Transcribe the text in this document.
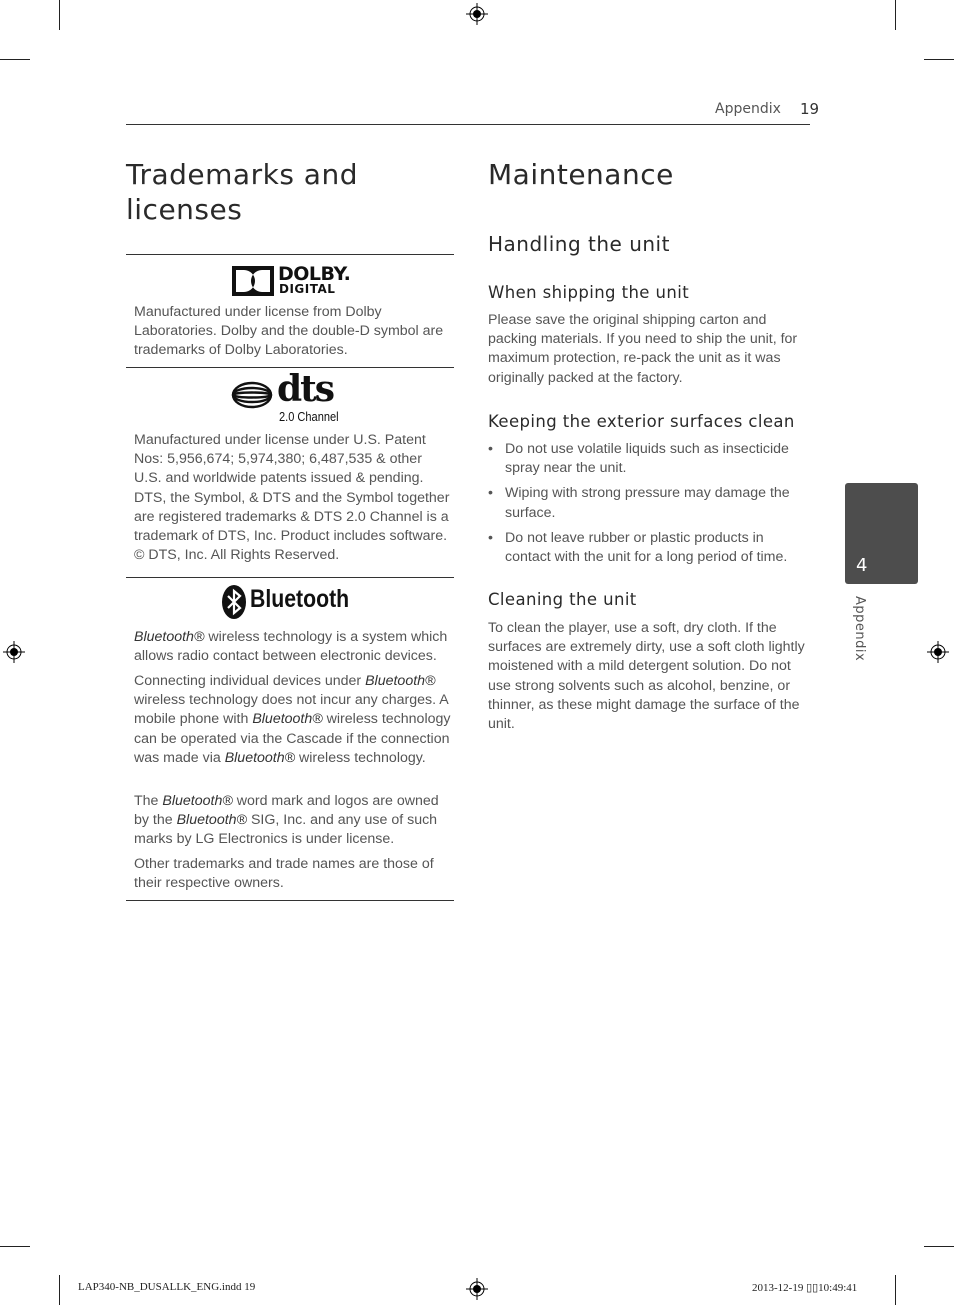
Appendix 19
Trademarks and licenses
DOLBY.
DIGITAL

Manufactured under license from Dolby Laboratories. Dolby and the double-D symbol are trademarks of Dolby Laboratories.

dts
2.0 Channel

Manufactured under license under U.S. Patent Nos: 5,956,674; 5,974,380; 6,487,535 & other U.S. and worldwide patents issued & pending. DTS, the Symbol, & DTS and the Symbol together are registered trademarks & DTS 2.0 Channel is a trademark of DTS, Inc. Product includes software. © DTS, Inc. All Rights Reserved.

Bluetooth

Bluetooth® wireless technology is a system which allows radio contact between electronic devices.

Connecting individual devices under Bluetooth® wireless technology does not incur any charges. A mobile phone with Bluetooth® wireless technology can be operated via the Cascade if the connection was made via Bluetooth® wireless technology.

The Bluetooth® word mark and logos are owned by the Bluetooth® SIG, Inc. and any use of such marks by LG Electronics is under license.

Other trademarks and trade names are those of their respective owners.

Maintenance
Handling the unit
When shipping the unit

Please save the original shipping carton and packing materials. If you need to ship the unit, for maximum protection, re-pack the unit as it was originally packed at the factory.

Keeping the exterior surfaces clean
• Do not use volatile liquids such as insecticide spray near the unit.
• Wiping with strong pressure may damage the surface.
• Do not leave rubber or plastic products in contact with the unit for a long period of time.
Cleaning the unit

To clean the player, use a soft, dry cloth. If the surfaces are extremely dirty, use a soft cloth lightly moistened with a mild detergent solution. Do not use strong solvents such as alcohol, benzine, or thinner, as these might damage the surface of the unit.

4
Appendix
LAP340-NB_DUSALLK_ENG.indd 19	2013-12-19 ▯▯10:49:41
